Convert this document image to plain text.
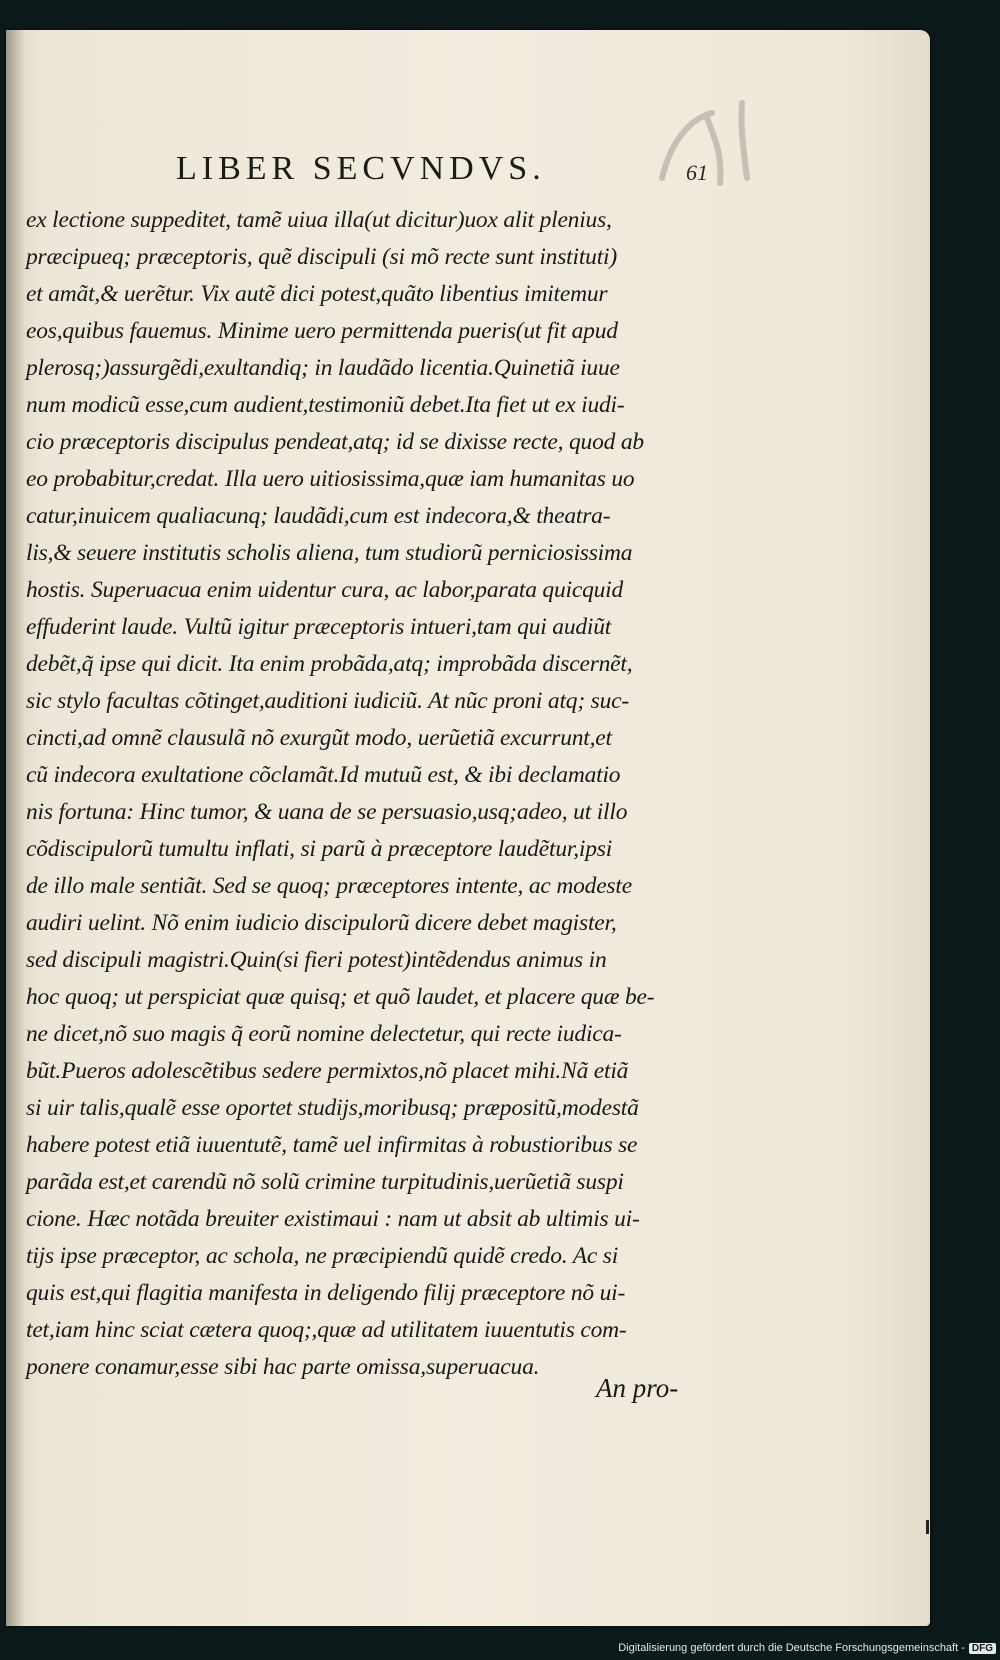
LIBER SECVNDVS.	61
ex lectione suppeditet, tamẽ uiua illa(ut dicitur)uox alit plenius,
præcipueq; præceptoris, quẽ discipuli (si mõ recte sunt instituti)
et amãt,& uerẽtur. Vix autẽ dici potest,quãto libentius imitemur
eos,quibus fauemus. Minime uero permittenda pueris(ut fit apud
plerosq;)assurgẽdi,exultandiq; in laudãdo licentia.Quinetiã iuue
num modicũ esse,cum audient,testimoniũ debet.Ita fiet ut ex iudi-
cio præceptoris discipulus pendeat,atq; id se dixisse recte, quod ab
eo probabitur,credat. Illa uero uitiosissima,quæ iam humanitas uo
catur,inuicem qualiacunq; laudãdi,cum est indecora,& theatra-
lis,& seuere institutis scholis aliena, tum studiorũ perniciosissima
hostis. Superuacua enim uidentur cura, ac labor,parata quicquid
effuderint laude. Vultũ igitur præceptoris intueri,tam qui audiũt
debẽt,q̃ ipse qui dicit. Ita enim probãda,atq; improbãda discernẽt,
sic stylo facultas cõtinget,auditioni iudiciũ. At nũc proni atq; suc-
cincti,ad omnẽ clausulã nõ exurgũt modo, uerũetiã excurrunt,et
cũ indecora exultatione cõclamãt.Id mutuũ est, & ibi declamatio
nis fortuna: Hinc tumor, & uana de se persuasio,usq;adeo, ut illo
cõdiscipulorũ tumultu inflati, si parũ à præceptore laudẽtur,ipsi
de illo male sentiãt. Sed se quoq; præceptores intente, ac modeste
audiri uelint. Nõ enim iudicio discipulorũ dicere debet magister,
sed discipuli magistri.Quin(si fieri potest)intẽdendus animus in
hoc quoq; ut perspiciat quæ quisq; et quõ laudet, et placere quæ be-
ne dicet,nõ suo magis q̃ eorũ nomine delectetur, qui recte iudica-
bũt.Pueros adolescẽtibus sedere permixtos,nõ placet mihi.Nã etiã
si uir talis,qualẽ esse oportet studijs,moribusq; præpositũ,modestã
habere potest etiã iuuentutẽ, tamẽ uel infirmitas à robustioribus se
parãda est,et carendũ nõ solũ crimine turpitudinis,uerũetiã suspi
cione. Hæc notãda breuiter existimaui : nam ut absit ab ultimis ui-
tijs ipse præceptor, ac schola, ne præcipiendũ quidẽ credo. Ac si
quis est,qui flagitia manifesta in deligendo filij præceptore nõ ui-
tet,iam hinc sciat cætera quoq;,quæ ad utilitatem iuuentutis com-
ponere conamur,esse sibi hac parte omissa,superuacua.
An pro-
Digitalisierung gefördert durch die Deutsche Forschungsgemeinschaft - DFG
